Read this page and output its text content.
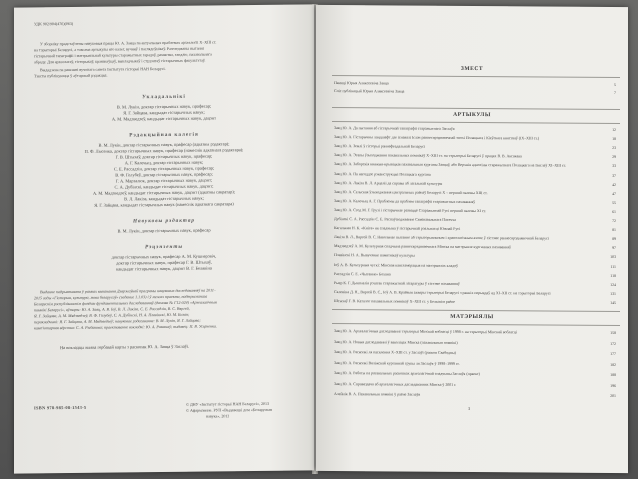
УДК 902/904(476)(063)
У зборніку прадстаўлены навуковыя працы Ю. А. Заяца па актуальных праблемах археалогіі X–XIII ст.
на тэрыторыі Беларусі, а таксама артыкулы яго калег, вучняў і паслядоўнікаў. Разгледжаны пытанні
гістарычнай тапаграфіі і матэрыяльнай культуры старажытных гарадоў, рамяства, гандлю, пахавальнага
абраду. Для археолагаў, гісторыкаў, краязнаўцаў, выкладчыкаў і студэнтаў гістарычных факультэтаў.
Выдадзена па рашэнні вучонага савета Інстытута гісторыі НАН Беларусі.
Тэксты публікуюцца ў аўтарскай рэдакцыі.
Укладальнікі
В. М. Лукін, доктар гістарычных навук, прафесар;
Я. Г. Зайцава, кандыдат гістарычных навук;
А. М. Мядзведзеў, кандыдат гістарычных навук, дацэнт
Рэдакцыйная калегія
В. М. Лукін, доктар гістарычных навук, прафесар (адказны рэдактар);
П. Ф. Лысенка, доктар гістарычных навук, прафесар (намеснік адказнага рэдактара);
Г. В. Штыхаў, доктар гістарычных навук, прафесар;
А. Г. Калечыц, доктар гістарычных навук;
С. Е. Рассадзін, доктар гістарычных навук, прафесар;
В. Ф. Голубеў, доктар гістарычных навук, прафесар;
Г. А. Марзалюк, доктар гістарычных навук, дацэнт;
С. А. Дубінскі, кандыдат гістарычных навук, дацэнт;
А. М. Мядзведзеў, кандыдат гістарычных навук, дацэнт (адказны сакратар);
В. Л. Лакіза, кандыдат гістарычных навук;
Я. Г. Зайцава, кандыдат гістарычных навук (намеснік адказнага сакратара)
Навуковы рэдактар
В. М. Лукін, доктар гістарычных навук, прафесар
Рэцэнзенты
доктар гістарычных навук, прафесар А. М. Кушнерэвіч,
доктар гістарычных навук, прафесар Г. В. Штыхаў,
кандыдат гістарычных навук, дацэнт В. Г. Белявіна
Выданне падрыхтавана ў рамках выканання Дзяржаўнай праграмы навуковых даследаванняў на 2011–
2015 гады «Гісторыя, культура, мова беларусаў» (задание 1.1.03) і ў межах праекта, падтрыманага
Беларускім рэспубліканскім фондам фундаментальных даследаванняў (дамова № Г12-024) «Археалагічныя
помнікі Беларусі», аўтары: Ю. А. Заяц, А. В. Іоў, В. Л. Лакіза, С. Е. Рассадзін, В. С. Вяргей,
Я. Г. Зайцава, А. М. Мядзведзеў, В. Ф. Голубеў, С. А. Дубінскі, Н. А. Плавінскі, Ю. М. Бохан;
перакладчыкі: Я. Г. Зайцава, А. М. Мядзведзеў; навуковае рэдагаванне: В. М. Лукін, Я. Г. Зайцава;
камп'ютарная вёрстка: С. А. Рыбакова; праектаванне вокладкі: Ю. А. Раманаў; выдавец: П. В. Усціненка.
На вокладцы выява гербавай карты з раскопак Ю. А. Заяца ў Заслаўі.
ISBN 978-985-08-1543-5
© ДНУ «Інстытут гісторыі НАН Беларусі», 2013
© Афармленне. РУП «Выдавецкі дом «Беларуская
навука», 2013
ЗМЕСТ
Памяці Юрыя Аляксеевіча Заяца	5
Спіс публікацый Юрыя Аляксеевіча Заяца	7
АРТЫКУЛЫ
Заяц Ю. А. Да пытання аб гістарычнай тапаграфіі старажытнага Заслаўя	12
Заяц Ю. А. Гістарычны ландшафт дзе існавалі Іслач раннесярэднявечнай эпохі Полацкага і Кіеўскага княстваў (IX–XIII ст.)	18
Заяц Ю. А. Землі ў гісторыі раннефеадальнай Беларусі	23
Заяц Ю. А. Этапы ўзыходжання пахавальных помнікаў X–XIII ст. на тэрыторыі Беларусі ў працах В. В. Аксакава	29
Заяц Ю. А. Заборскія княжыя-крывіцкія пахавальныя курганы Заяцаў, або Верхнія адносіны старажытнага Полацкага на Ізяслаў XI–XIII ст.	33
Заяц Ю. А. Па нагоддзе рэканструкцыі Полацкага кургана	37
Заяц Ю. А. Лакіза В. Л. Арцеліі да справы аб літальнай культуры	42
Заяц Ю. А. Сельская ўзыходжання цэнтральных раёнаў Беларусі X – першай паловы XIII ст.	47
Заяц Ю. А. Калечыц А. Г. Праблемы да праблем тапаграфіі старажытных пахаванняў	55
Заяц Ю. А. Стод М. Г. Грузі і гістарычнае развіццё Старажытнай Русі першай паловы XI ст.	61
Дубінскі С. А. Рассадзін С. Е. Распаўсюджванне Сямінавальнага Пасечча	72
Кагальная Н. К. «Кніга» як спадчына ў гістарычнай рэальнасці Южнай Русі	81
Лакіза В. Л., Вяргей В. С. Нявольнае пытанне аб тэрыторыяльным і хранолагічным ахопе ў сістэме раннесярэднявечнай Беларусі	89
Мядзведзеў А. М. Культурная спадчына раннесярэднявечнага Мінска на матэрыяле курганных пахаванняў	97
Плавінскі Н. А. Вывучэнне памятнікаў культуры	103
Іоў А. В. Культурныя чуткі: Мінская кангламерацыя на матэрыялах кладоў	111
Рассадзін С. Е. «Чытанне» Бохана	118
Рыер К. Г. Дыягналія рэштак старажытнай літаратуры ў сістэме пахаванняў	124
Скловіна Д. Н., Вяргей В. С., Іоў А. В. Краёвыя ахвяры тэрыторыі Беларусі з ранніх перыядаў ад XI–XII ст. на тэрыторыі Беларусі	131
Штыхаў Г. В. Каталог пахавальных помнікаў X–XIII ст. у Бельскім раёне	145
МАТЭРЫЯЛЫ
Заяц Ю. А. Археалагічныя даследаванні тэрыторыі Мінскай вобласці ў 1998 г. на тэрыторыі Мінскай вобласці	158
Заяц Ю. А. Новыя даследаванні ў ваколіцах Мінска (пахавальныя помнікі)	172
Заяц Ю. А. Раскопкі ля пасялення X–XIII ст. у Заслаўі (раскоп Свабодны)	177
Заяц Ю. А. Раскопкі Вяліжскай курганнай групы ля Заслаўя ў 1998–1999 гг.	182
Заяц Ю. А. Работы па ратавальных раскопках археалагічнай спадчыны Заслаўя (праект)	188
Заяц Ю. А. Справаздача аб археалагічных даследаваннях Мінска ў 2001 г.	196
Алейнік В. А. Пахавальныя помнікі ў раёне Заслаўя	201
3
